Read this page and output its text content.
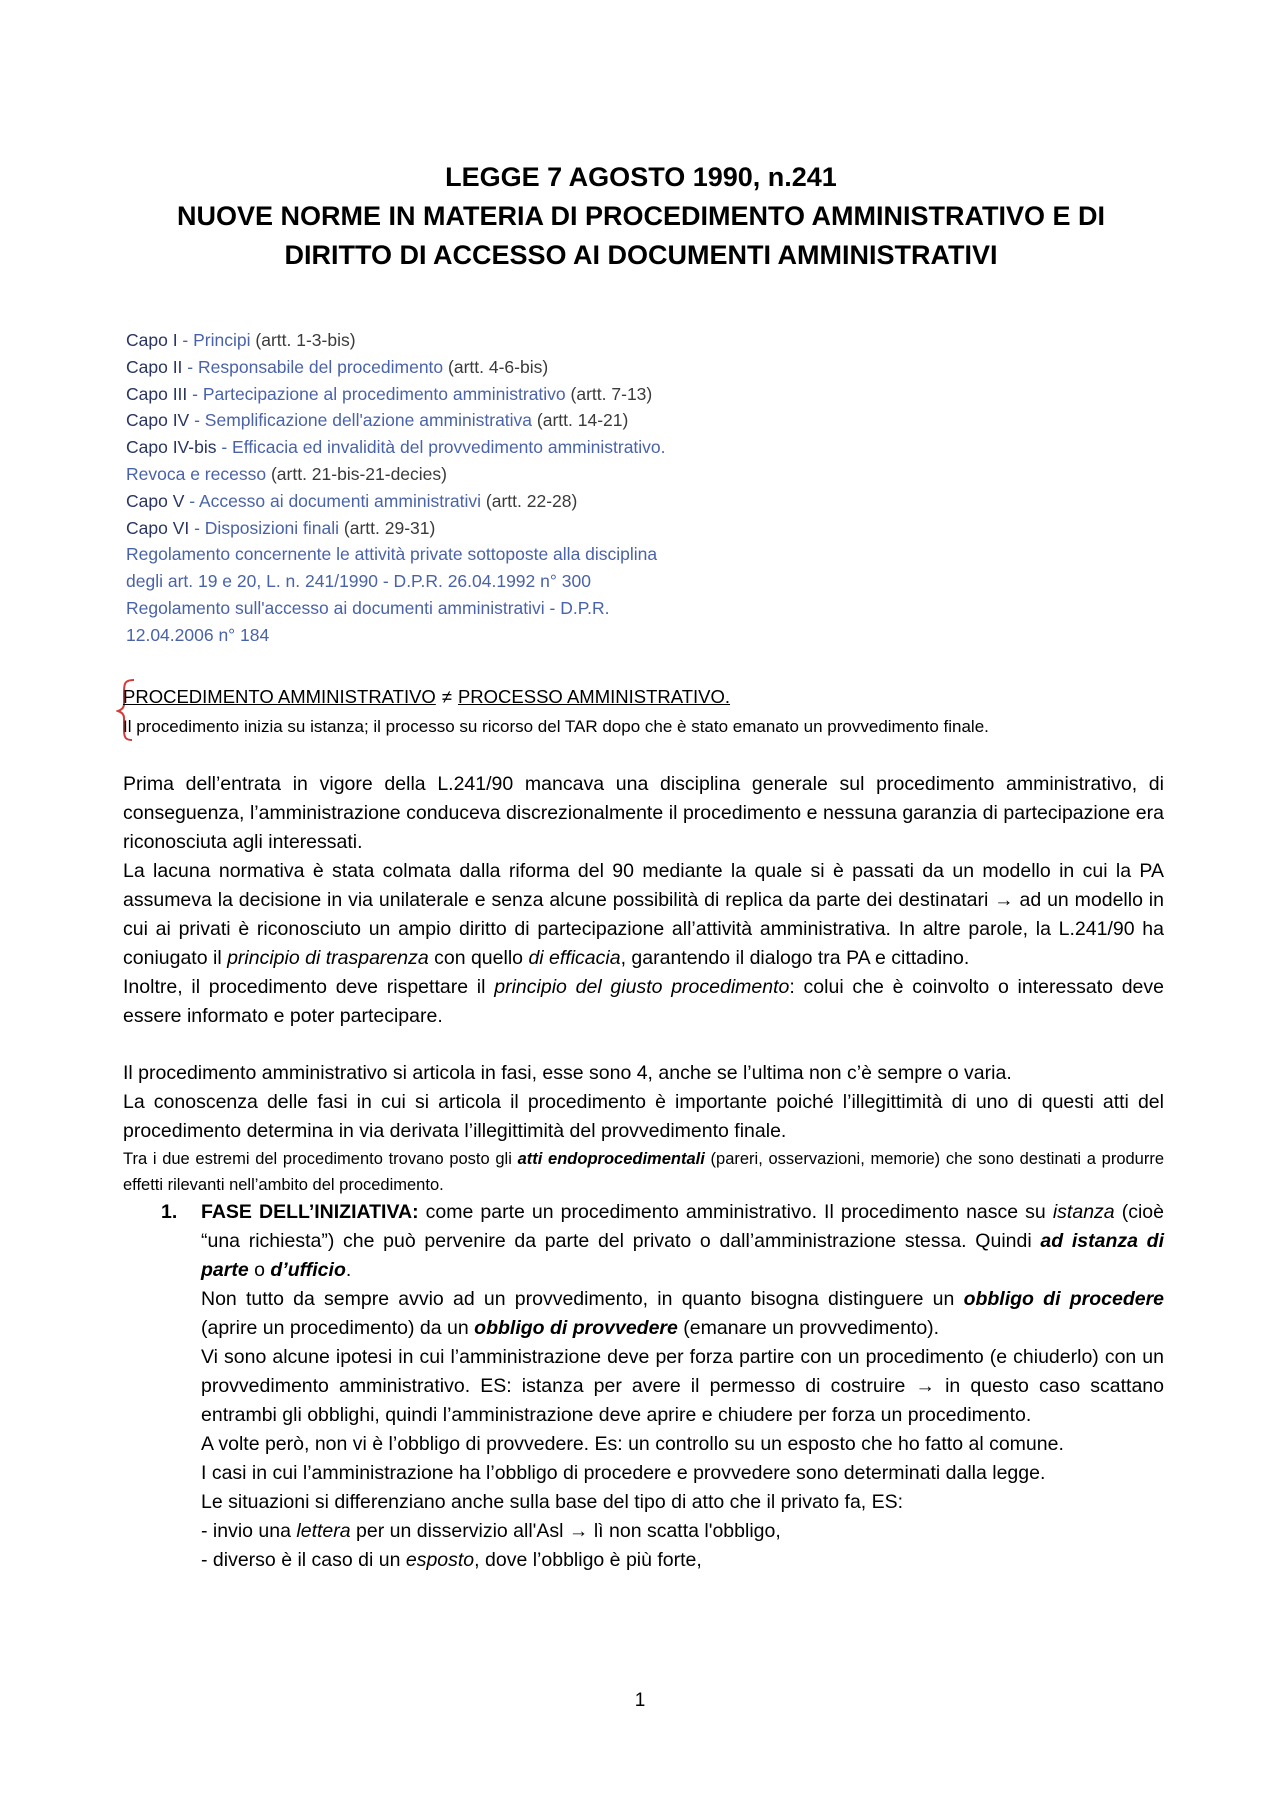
LEGGE 7 AGOSTO 1990, n.241
NUOVE NORME IN MATERIA DI PROCEDIMENTO AMMINISTRATIVO E DI
DIRITTO DI ACCESSO AI DOCUMENTI AMMINISTRATIVI
Capo I - Principi (artt. 1-3-bis)
Capo II - Responsabile del procedimento (artt. 4-6-bis)
Capo III - Partecipazione al procedimento amministrativo (artt. 7-13)
Capo IV - Semplificazione dell'azione amministrativa (artt. 14-21)
Capo IV-bis - Efficacia ed invalidità del provvedimento amministrativo.
Revoca e recesso (artt. 21-bis-21-decies)
Capo V - Accesso ai documenti amministrativi (artt. 22-28)
Capo VI - Disposizioni finali (artt. 29-31)
Regolamento concernente le attività private sottoposte alla disciplina
degli art. 19 e 20, L. n. 241/1990 - D.P.R. 26.04.1992 n° 300
Regolamento sull'accesso ai documenti amministrativi - D.P.R.
12.04.2006 n° 184
PROCEDIMENTO AMMINISTRATIVO ≠ PROCESSO AMMINISTRATIVO.
Il procedimento inizia su istanza; il processo su ricorso del TAR dopo che è stato emanato un provvedimento finale.

Prima dell’entrata in vigore della L.241/90 mancava una disciplina generale sul procedimento amministrativo, di conseguenza, l’amministrazione conduceva discrezionalmente il procedimento e nessuna garanzia di partecipazione era riconosciuta agli interessati.

La lacuna normativa è stata colmata dalla riforma del 90 mediante la quale si è passati da un modello in cui la PA assumeva la decisione in via unilaterale e senza alcune possibilità di replica da parte dei destinatari → ad un modello in cui ai privati è riconosciuto un ampio diritto di partecipazione all’attività amministrativa. In altre parole, la L.241/90 ha coniugato il principio di trasparenza con quello di efficacia, garantendo il dialogo tra PA e cittadino.

Inoltre, il procedimento deve rispettare il principio del giusto procedimento: colui che è coinvolto o interessato deve essere informato e poter partecipare.

Il procedimento amministrativo si articola in fasi, esse sono 4, anche se l’ultima non c’è sempre o varia.

La conoscenza delle fasi in cui si articola il procedimento è importante poiché l’illegittimità di uno di questi atti del procedimento determina in via derivata l’illegittimità del provvedimento finale.

Tra i due estremi del procedimento trovano posto gli atti endoprocedimentali (pareri, osservazioni, memorie) che sono destinati a produrre effetti rilevanti nell’ambito del procedimento.

1. FASE DELL’INIZIATIVA: come parte un procedimento amministrativo. Il procedimento nasce su istanza (cioè “una richiesta”) che può pervenire da parte del privato o dall’amministrazione stessa. Quindi ad istanza di parte o d’ufficio.

Non tutto da sempre avvio ad un provvedimento, in quanto bisogna distinguere un obbligo di procedere (aprire un procedimento) da un obbligo di provvedere (emanare un provvedimento).

Vi sono alcune ipotesi in cui l’amministrazione deve per forza partire con un procedimento (e chiuderlo) con un provvedimento amministrativo. ES: istanza per avere il permesso di costruire → in questo caso scattano entrambi gli obblighi, quindi l’amministrazione deve aprire e chiudere per forza un procedimento.

A volte però, non vi è l’obbligo di provvedere. Es: un controllo su un esposto che ho fatto al comune.

I casi in cui l’amministrazione ha l’obbligo di procedere e provvedere sono determinati dalla legge.

Le situazioni si differenziano anche sulla base del tipo di atto che il privato fa, ES:

- invio una lettera per un disservizio all'Asl → lì non scatta l'obbligo,

- diverso è il caso di un esposto, dove l’obbligo è più forte,

1
